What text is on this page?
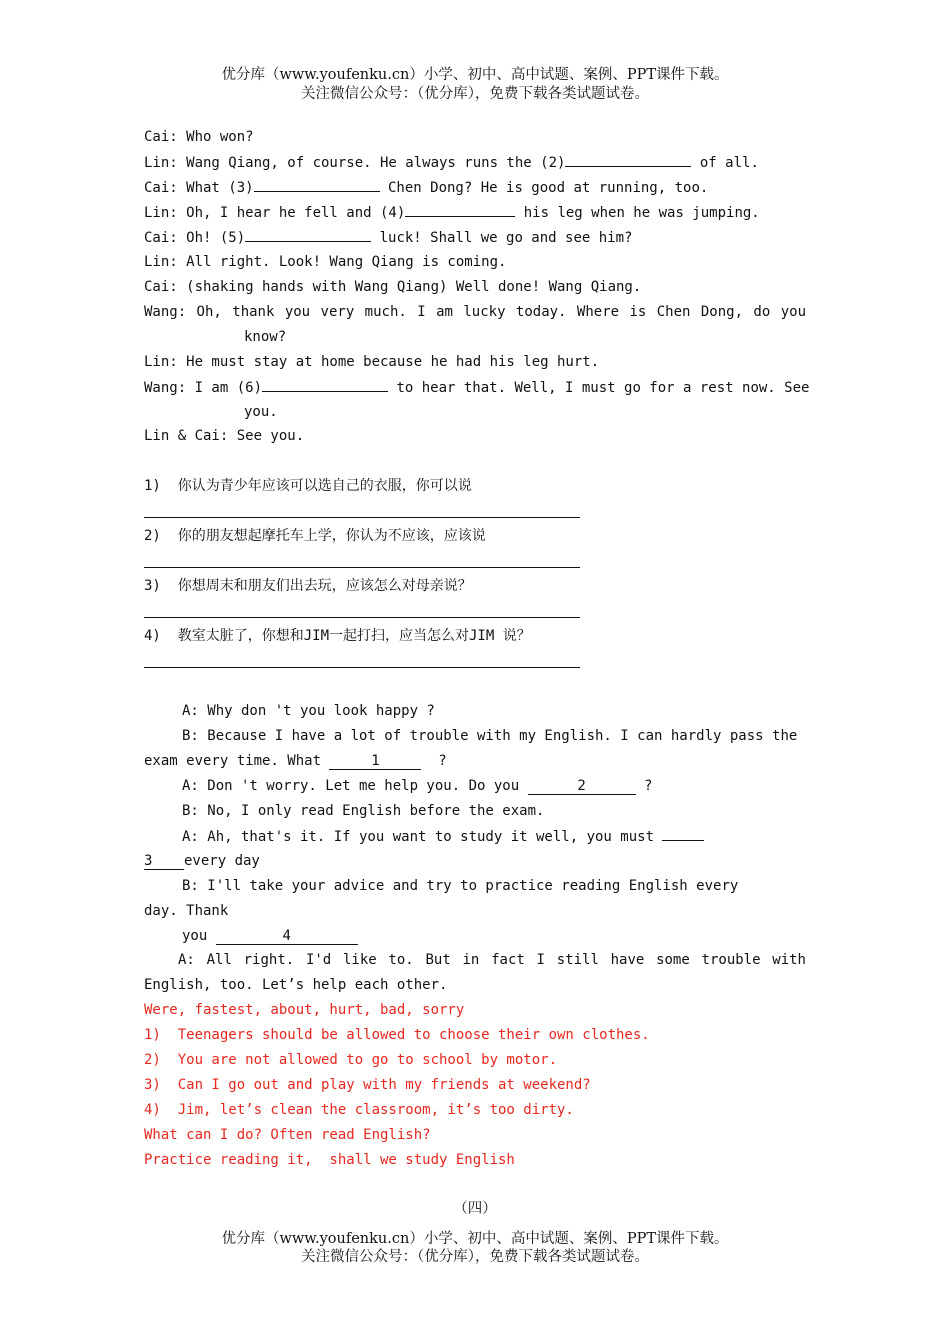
优分库（www.youfenku.cn）小学、初中、高中试题、案例、PPT课件下载。
关注微信公众号：（优分库），免费下载各类试题试卷。
Cai: Who won?
Lin: Wang Qiang, of course. He always runs the (2)	of all.
Cai: What (3)	Chen Dong? He is good at running, too.
Lin: Oh, I hear he fell and (4)	his leg when he was jumping.
Cai: Oh! (5)	luck! Shall we go and see him?
Lin: All right. Look! Wang Qiang is coming.
Cai: (shaking hands with Wang Qiang) Well done! Wang Qiang.
Wang: Oh, thank you very much. I am lucky today. Where is Chen Dong, do you
know?
Lin: He must stay at home because he had his leg hurt.
Wang: I am (6)	to hear that. Well, I must go for a rest now. See
you.
Lin & Cai: See you.
1)  你认为青少年应该可以选自己的衣服，你可以说
2)  你的朋友想起摩托车上学，你认为不应该，应该说
3)  你想周末和朋友们出去玩，应该怎么对母亲说？
4)  教室太脏了，你想和JIM一起打扫，应当怎么对JIM 说？
A: Why don 't you look happy ?
B: Because I have a lot of trouble with my English. I can hardly pass the
exam every time. What	1	?
A: Don 't worry. Let me help you. Do you	2	?
B: No, I only read English before the exam.
A: Ah, that's it. If you want to study it well, you must
3 every day
B: I'll take your advice and try to practice reading English every
day. Thank
you	4
A: All right. I'd like to. But in fact I still have some trouble with
English, too. Let’s help each other.
Were, fastest, about, hurt, bad, sorry
1)  Teenagers should be allowed to choose their own clothes.
2)  You are not allowed to go to school by motor.
3)  Can I go out and play with my friends at weekend?
4)  Jim, let’s clean the classroom, it’s too dirty.
What can I do? Often read English?
Practice reading it,  shall we study English
（四）
优分库（www.youfenku.cn）小学、初中、高中试题、案例、PPT课件下载。
关注微信公众号：（优分库），免费下载各类试题试卷。
